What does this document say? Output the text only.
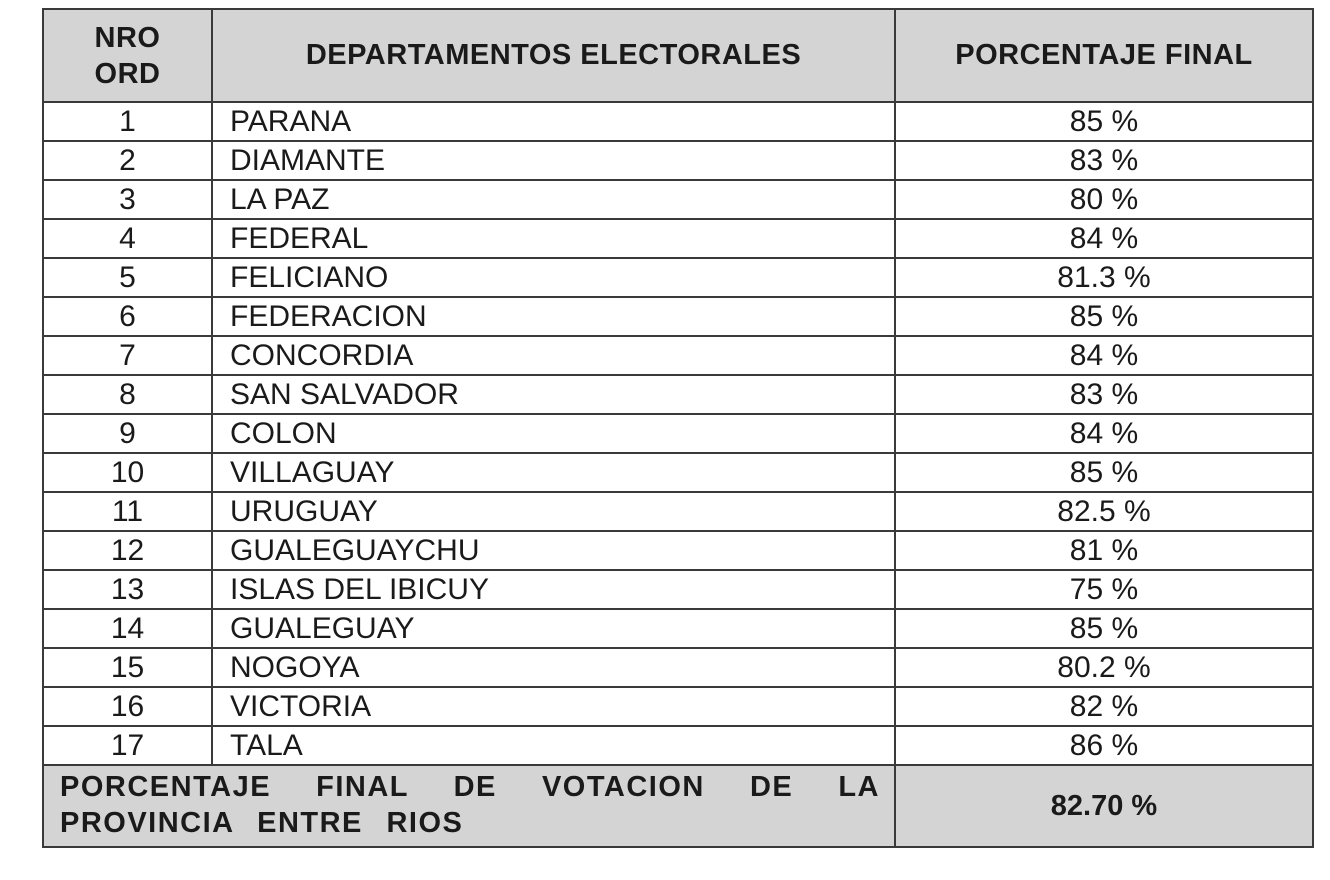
NRO
ORD	DEPARTAMENTOS ELECTORALES	PORCENTAJE FINAL
1	PARANA	85 %
2	DIAMANTE	83 %
3	LA PAZ	80 %
4	FEDERAL	84 %
5	FELICIANO	81.3 %
6	FEDERACION	85 %
7	CONCORDIA	84 %
8	SAN SALVADOR	83 %
9	COLON	84 %
10	VILLAGUAY	85 %
11	URUGUAY	82.5 %
12	GUALEGUAYCHU	81 %
13	ISLAS DEL IBICUY	75 %
14	GUALEGUAY	85 %
15	NOGOYA	80.2 %
16	VICTORIA	82 %
17	TALA	86 %
PORCENTAJE FINAL DE VOTACION DE LA PROVINCIA ENTRE RIOS		82.70 %
